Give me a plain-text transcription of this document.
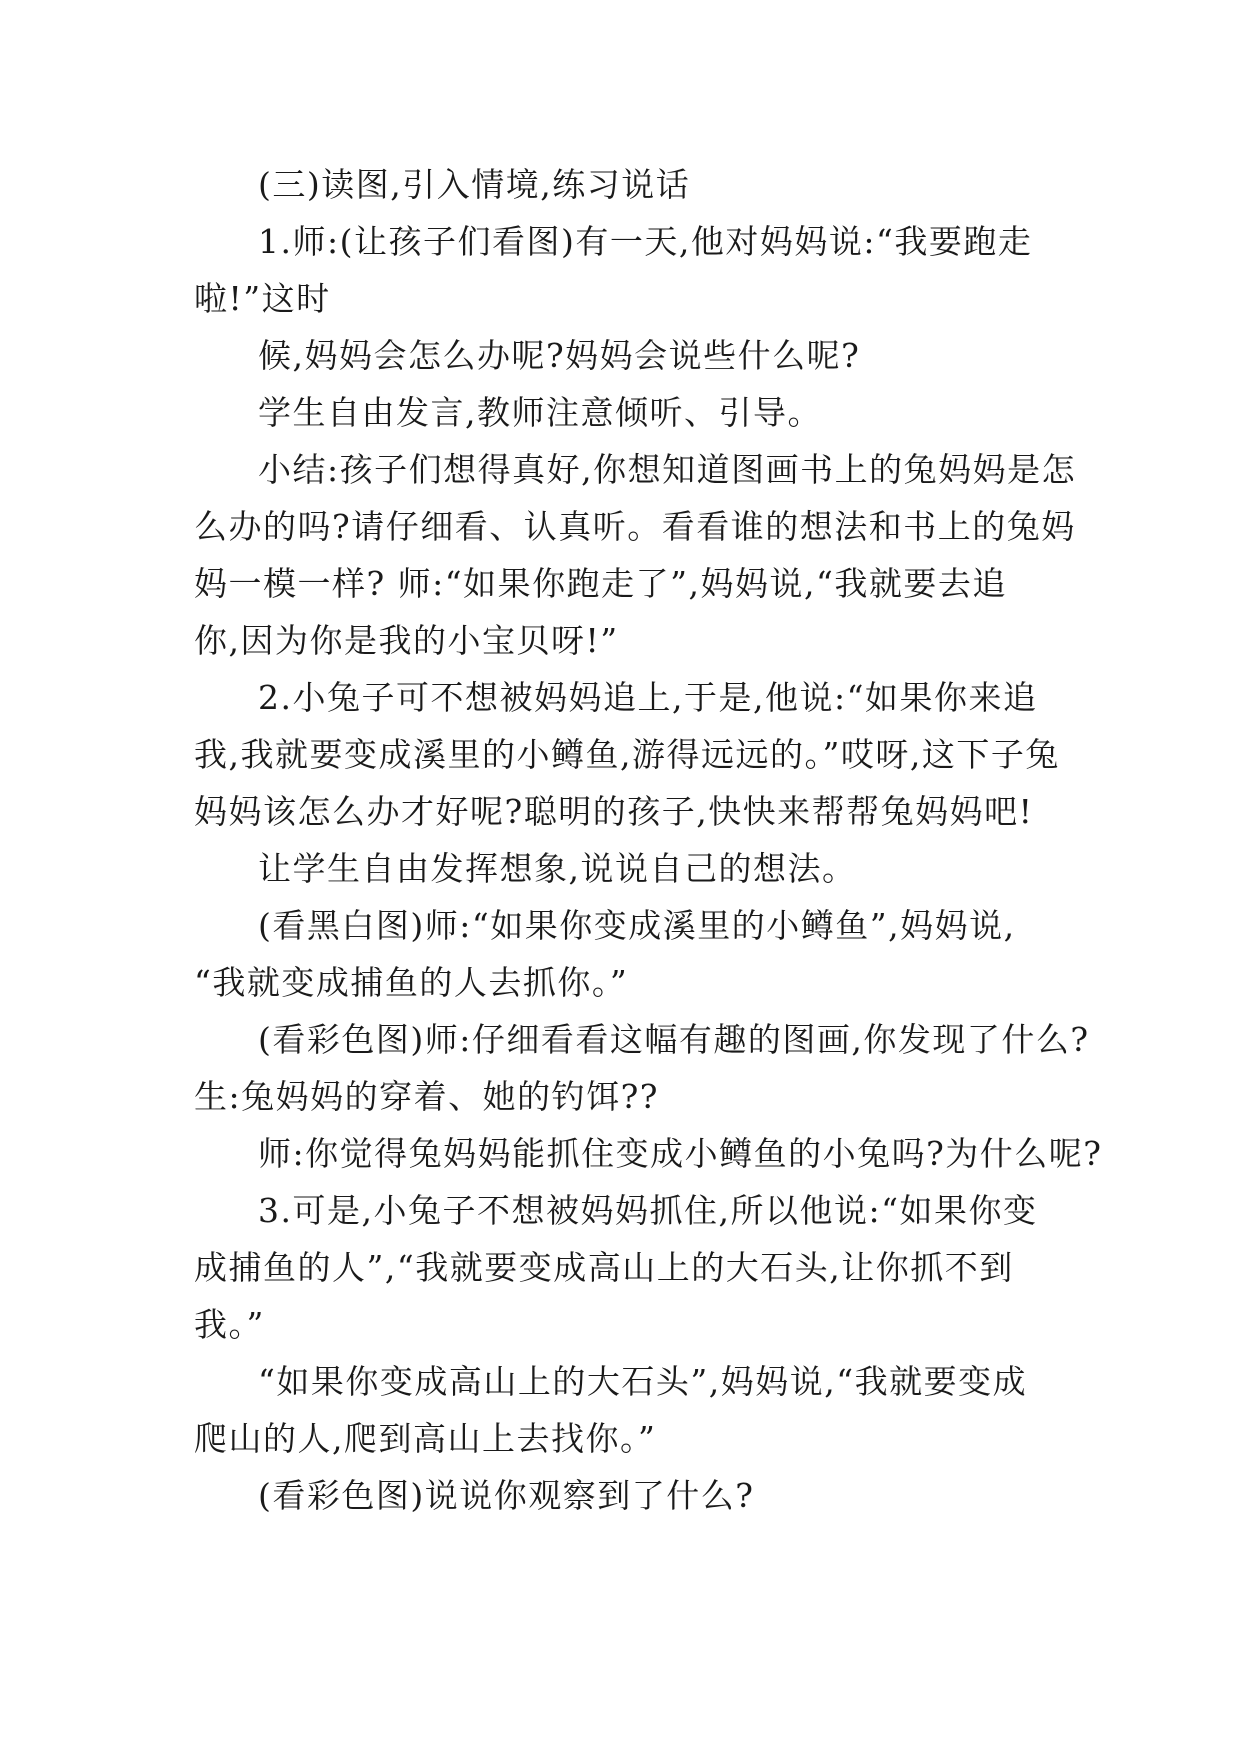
(三)读图,引入情境,练习说话
1.师:(让孩子们看图)有一天,他对妈妈说:“我要跑走
啦!”这时
候,妈妈会怎么办呢?妈妈会说些什么呢?
学生自由发言,教师注意倾听、引导。
小结:孩子们想得真好,你想知道图画书上的兔妈妈是怎
么办的吗?请仔细看、认真听。看看谁的想法和书上的兔妈
妈一模一样? 师:“如果你跑走了”,妈妈说,“我就要去追
你,因为你是我的小宝贝呀!”
2.小兔子可不想被妈妈追上,于是,他说:“如果你来追
我,我就要变成溪里的小鳟鱼,游得远远的。”哎呀,这下子兔
妈妈该怎么办才好呢?聪明的孩子,快快来帮帮兔妈妈吧!
让学生自由发挥想象,说说自己的想法。
(看黑白图)师:“如果你变成溪里的小鳟鱼”,妈妈说,
“我就变成捕鱼的人去抓你。”
(看彩色图)师:仔细看看这幅有趣的图画,你发现了什么?
生:兔妈妈的穿着、她的钓饵??
师:你觉得兔妈妈能抓住变成小鳟鱼的小兔吗?为什么呢?
3.可是,小兔子不想被妈妈抓住,所以他说:“如果你变
成捕鱼的人”,“我就要变成高山上的大石头,让你抓不到
我。”
“如果你变成高山上的大石头”,妈妈说,“我就要变成
爬山的人,爬到高山上去找你。”
(看彩色图)说说你观察到了什么?
